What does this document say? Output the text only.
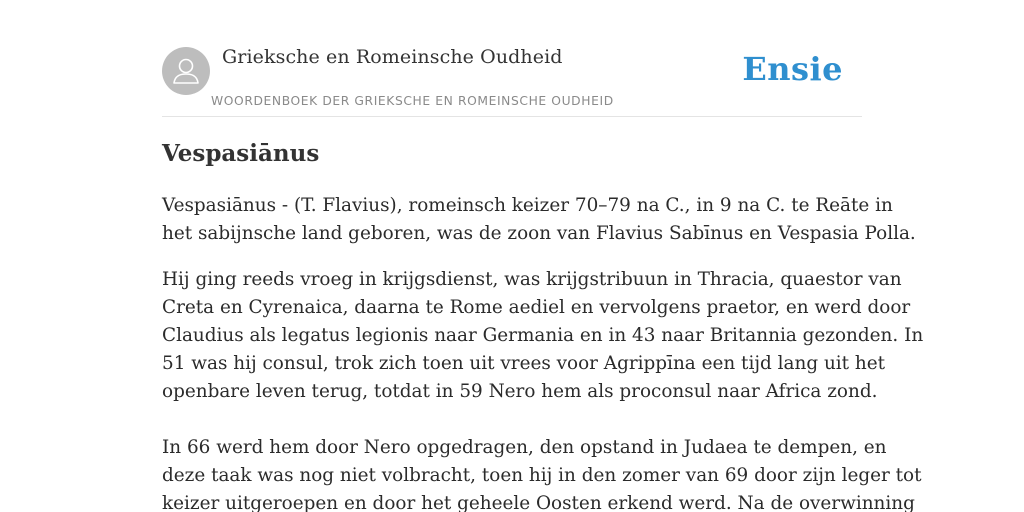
Grieksche en Romeinsche Oudheid
WOORDENBOEK DER GRIEKSCHE EN ROMEINSCHE OUDHEID
Ensie
Vespasiānus

Vespasiānus - (T. Flavius), romeinsch keizer 70–79 na C., in 9 na C. te Reāte in
het sabijnsche land geboren, was de zoon van Flavius Sabīnus en Vespasia Polla.

Hij ging reeds vroeg in krijgsdienst, was krijgstribuun in Thracia, quaestor van
Creta en Cyrenaica, daarna te Rome aediel en vervolgens praetor, en werd door
Claudius als legatus legionis naar Germania en in 43 naar Britannia gezonden. In
51 was hij consul, trok zich toen uit vrees voor Agrippīna een tijd lang uit het
openbare leven terug, totdat in 59 Nero hem als proconsul naar Africa zond.

In 66 werd hem door Nero opgedragen, den opstand in Judaea te dempen, en
deze taak was nog niet volbracht, toen hij in den zomer van 69 door zijn leger tot
keizer uitgeroepen en door het geheele Oosten erkend werd. Na de overwinning
